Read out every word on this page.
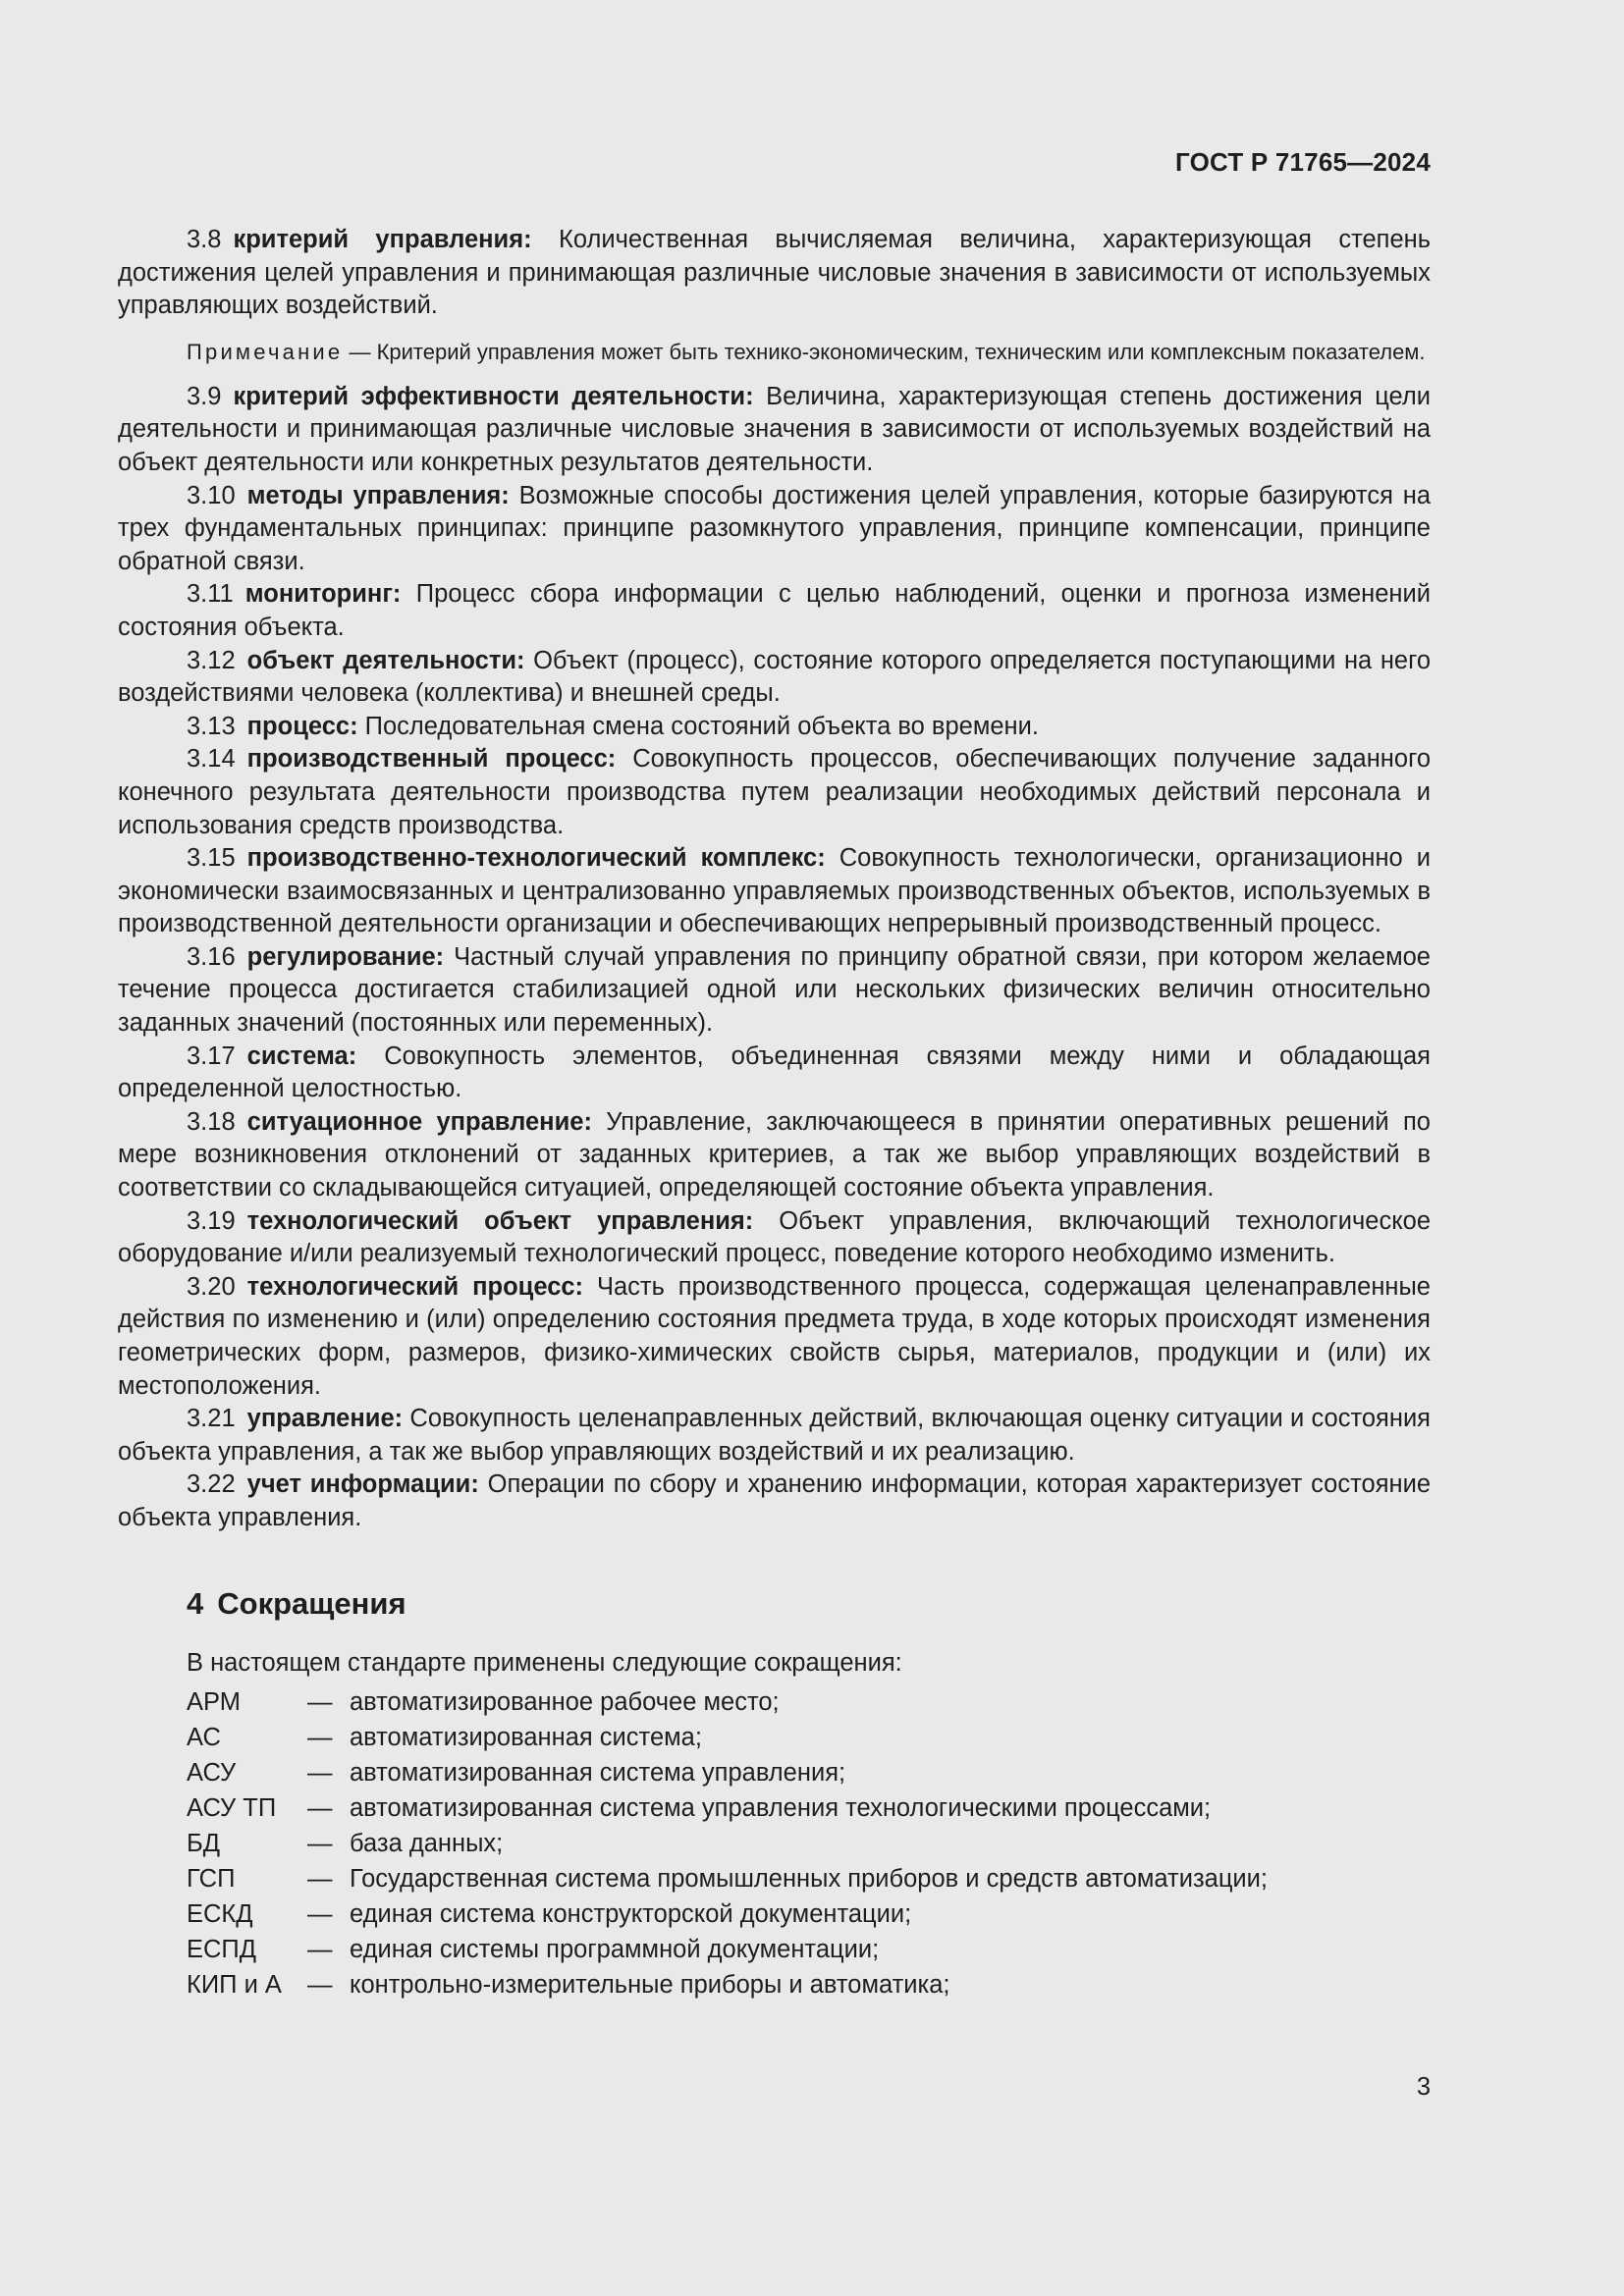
ГОСТ Р 71765—2024

3.8 критерий управления: Количественная вычисляемая величина, характеризующая степень достижения целей управления и принимающая различные числовые значения в зависимости от используемых управляющих воздействий.

Примечание — Критерий управления может быть технико-экономическим, техническим или комплексным показателем.

3.9 критерий эффективности деятельности: Величина, характеризующая степень достижения цели деятельности и принимающая различные числовые значения в зависимости от используемых воздействий на объект деятельности или конкретных результатов деятельности.

3.10 методы управления: Возможные способы достижения целей управления, которые базируются на трех фундаментальных принципах: принципе разомкнутого управления, принципе компенсации, принципе обратной связи.

3.11 мониторинг: Процесс сбора информации с целью наблюдений, оценки и прогноза изменений состояния объекта.

3.12 объект деятельности: Объект (процесс), состояние которого определяется поступающими на него воздействиями человека (коллектива) и внешней среды.

3.13 процесс: Последовательная смена состояний объекта во времени.

3.14 производственный процесс: Совокупность процессов, обеспечивающих получение заданного конечного результата деятельности производства путем реализации необходимых действий персонала и использования средств производства.

3.15 производственно-технологический комплекс: Совокупность технологически, организационно и экономически взаимосвязанных и централизованно управляемых производственных объектов, используемых в производственной деятельности организации и обеспечивающих непрерывный производственный процесс.

3.16 регулирование: Частный случай управления по принципу обратной связи, при котором желаемое течение процесса достигается стабилизацией одной или нескольких физических величин относительно заданных значений (постоянных или переменных).

3.17 система: Совокупность элементов, объединенная связями между ними и обладающая определенной целостностью.

3.18 ситуационное управление: Управление, заключающееся в принятии оперативных решений по мере возникновения отклонений от заданных критериев, а так же выбор управляющих воздействий в соответствии со складывающейся ситуацией, определяющей состояние объекта управления.

3.19 технологический объект управления: Объект управления, включающий технологическое оборудование и/или реализуемый технологический процесс, поведение которого необходимо изменить.

3.20 технологический процесс: Часть производственного процесса, содержащая целенаправленные действия по изменению и (или) определению состояния предмета труда, в ходе которых происходят изменения геометрических форм, размеров, физико-химических свойств сырья, материалов, продукции и (или) их местоположения.

3.21 управление: Совокупность целенаправленных действий, включающая оценку ситуации и состояния объекта управления, а так же выбор управляющих воздействий и их реализацию.

3.22 учет информации: Операции по сбору и хранению информации, которая характеризует состояние объекта управления.

4 Сокращения

В настоящем стандарте применены следующие сокращения:

АРМ	— автоматизированное рабочее место;
АС	— автоматизированная система;
АСУ	— автоматизированная система управления;
АСУ ТП	— автоматизированная система управления технологическими процессами;
БД	— база данных;
ГСП	— Государственная система промышленных приборов и средств автоматизации;
ЕСКД	— единая система конструкторской документации;
ЕСПД	— единая системы программной документации;
КИП и А	— контрольно-измерительные приборы и автоматика;
3
